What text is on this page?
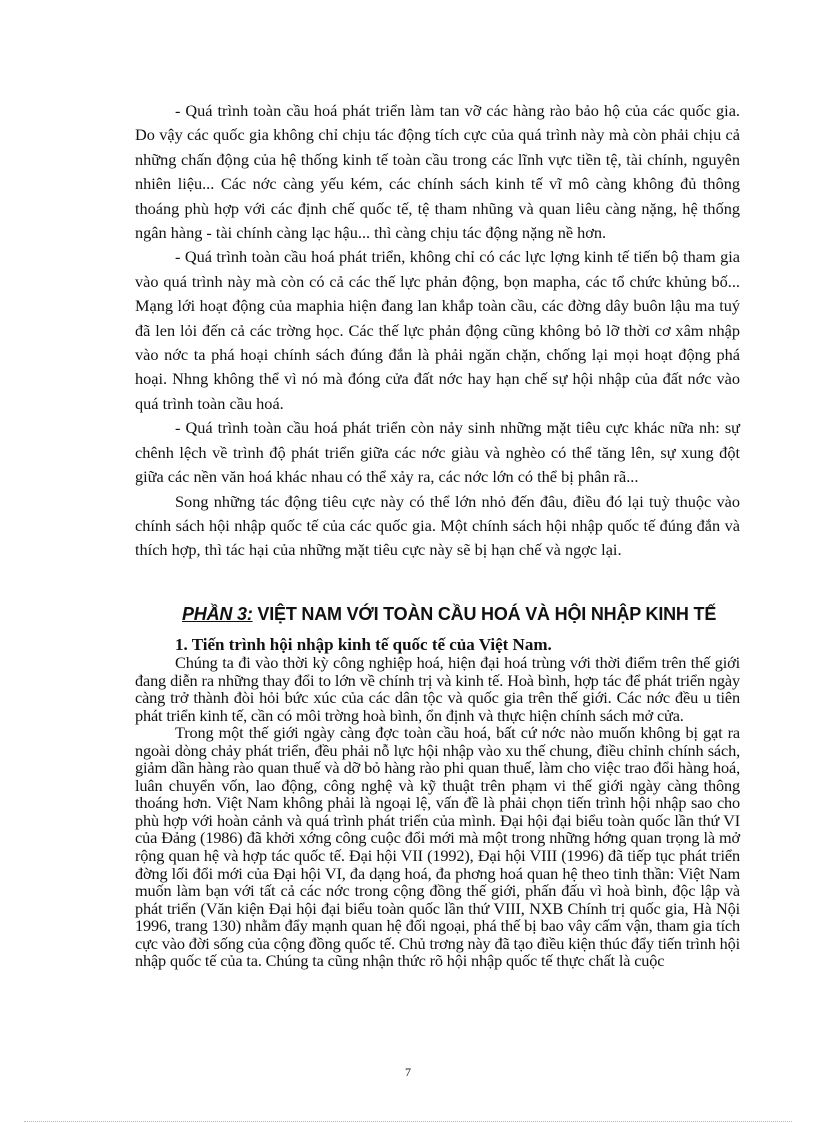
- Quá trình toàn cầu hoá phát triển làm tan vỡ các hàng rào bảo hộ của các quốc gia. Do vậy các quốc gia không chỉ chịu tác động tích cực của quá trình này mà còn phải chịu cả những chấn động của hệ thống kinh tế toàn cầu trong các lĩnh vực tiền tệ, tài chính, nguyên nhiên liệu... Các nớc càng yếu kém, các chính sách kinh tế vĩ mô càng không đủ thông thoáng phù hợp với các định chế quốc tế, tệ tham nhũng và quan liêu càng nặng, hệ thống ngân hàng - tài chính càng lạc hậu... thì càng chịu tác động nặng nề hơn.

- Quá trình toàn cầu hoá phát triển, không chỉ có các lực lợng kinh tế tiến bộ tham gia vào quá trình này mà còn có cả các thế lực phản động, bọn mapha, các tổ chức khủng bố... Mạng lới hoạt động của maphia hiện đang lan khắp toàn cầu, các đờng dây buôn lậu ma tuý đã len lỏi đến cả các trờng học. Các thế lực phản động cũng không bỏ lỡ thời cơ xâm nhập vào nớc ta phá hoại chính sách đúng đắn là phải ngăn chặn, chống lại mọi hoạt động phá hoại. Nhng không thể vì nó mà đóng cửa đất nớc hay hạn chế sự hội nhập của đất nớc vào quá trình toàn cầu hoá.

- Quá trình toàn cầu hoá phát triển còn nảy sinh những mặt tiêu cực khác nữa nh: sự chênh lệch về trình độ phát triển giữa các nớc giàu và nghèo có thể tăng lên, sự xung đột giữa các nền văn hoá khác nhau có thể xảy ra, các nớc lớn có thể bị phân rã...

Song những tác động tiêu cực này có thể lớn nhỏ đến đâu, điều đó lại tuỳ thuộc vào chính sách hội nhập quốc tế của các quốc gia. Một chính sách hội nhập quốc tế đúng đắn và thích hợp, thì tác hại của những mặt tiêu cực này sẽ bị hạn chế và ngợc lại.

PHẦN 3: VIỆT NAM VỚI TOÀN CẦU HOÁ VÀ HỘI NHẬP KINH TẾ
1. Tiến trình hội nhập kinh tế quốc tế của Việt Nam.

Chúng ta đi vào thời kỳ công nghiệp hoá, hiện đại hoá trùng với thời điểm trên thế giới đang diễn ra những thay đổi to lớn về chính trị và kinh tế. Hoà bình, hợp tác để phát triển ngày càng trở thành đòi hỏi bức xúc của các dân tộc và quốc gia trên thế giới. Các nớc đều u tiên phát triển kinh tế, cần có môi trờng hoà bình, ổn định và thực hiện chính sách mở cửa.

Trong một thế giới ngày càng đợc toàn cầu hoá, bất cứ nớc nào muốn không bị gạt ra ngoài dòng chảy phát triển, đều phải nỗ lực hội nhập vào xu thế chung, điều chỉnh chính sách, giảm dần hàng rào quan thuế và dỡ bỏ hàng rào phi quan thuế, làm cho việc trao đổi hàng hoá, luân chuyển vốn, lao động, công nghệ và kỹ thuật trên phạm vi thế giới ngày càng thông thoáng hơn. Việt Nam không phải là ngoại lệ, vấn đề là phải chọn tiến trình hội nhập sao cho phù hợp với hoàn cảnh và quá trình phát triển của mình. Đại hội đại biểu toàn quốc lần thứ VI của Đảng (1986) đã khởi xớng công cuộc đổi mới mà một trong những hớng quan trọng là mở rộng quan hệ và hợp tác quốc tế. Đại hội VII (1992), Đại hội VIII (1996) đã tiếp tục phát triển đờng lối đổi mới của Đại hội VI, đa dạng hoá, đa phơng hoá quan hệ theo tinh thần: Việt Nam muốn làm bạn với tất cả các nớc trong cộng đồng thế giới, phấn đấu vì hoà bình, độc lập và phát triển (Văn kiện Đại hội đại biểu toàn quốc lần thứ VIII, NXB Chính trị quốc gia, Hà Nội 1996, trang 130) nhằm đẩy mạnh quan hệ đối ngoại, phá thế bị bao vây cấm vận, tham gia tích cực vào đời sống của cộng đồng quốc tế. Chủ trơng này đã tạo điều kiện thúc đẩy tiến trình hội nhập quốc tế của ta. Chúng ta cũng nhận thức rõ hội nhập quốc tế thực chất là cuộc

7
